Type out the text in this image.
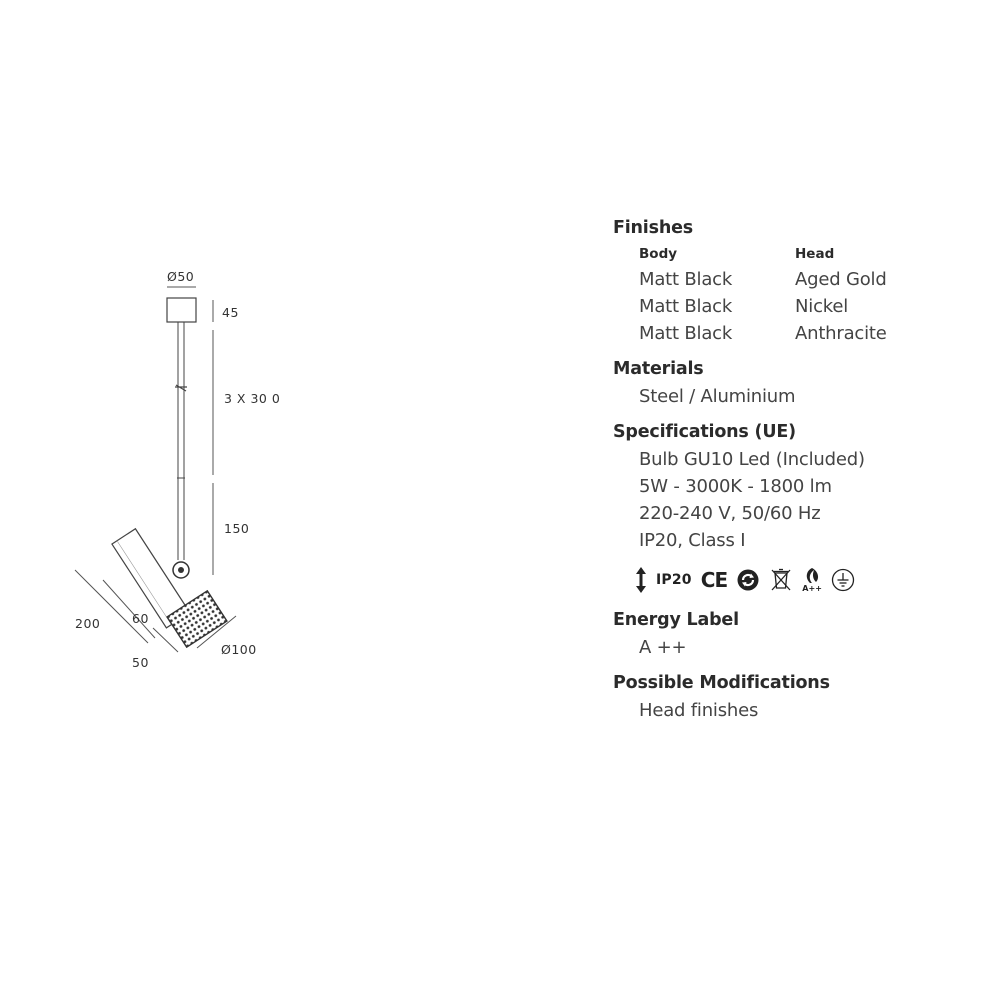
Ø50
45
3 X 30 0
150
200	60
50
Ø100
Finishes
Body	Head
Matt Black	Aged Gold
Matt Black	Nickel
Matt Black	Anthracite
Materials
Steel / Aluminium
Specifications (UE)
Bulb GU10 Led (Included)
5W - 3000K - 1800 lm
220-240 V, 50/60 Hz
IP20, Class I
IP20 CE	A++
Energy Label
A ++
Possible Modifications
Head finishes
